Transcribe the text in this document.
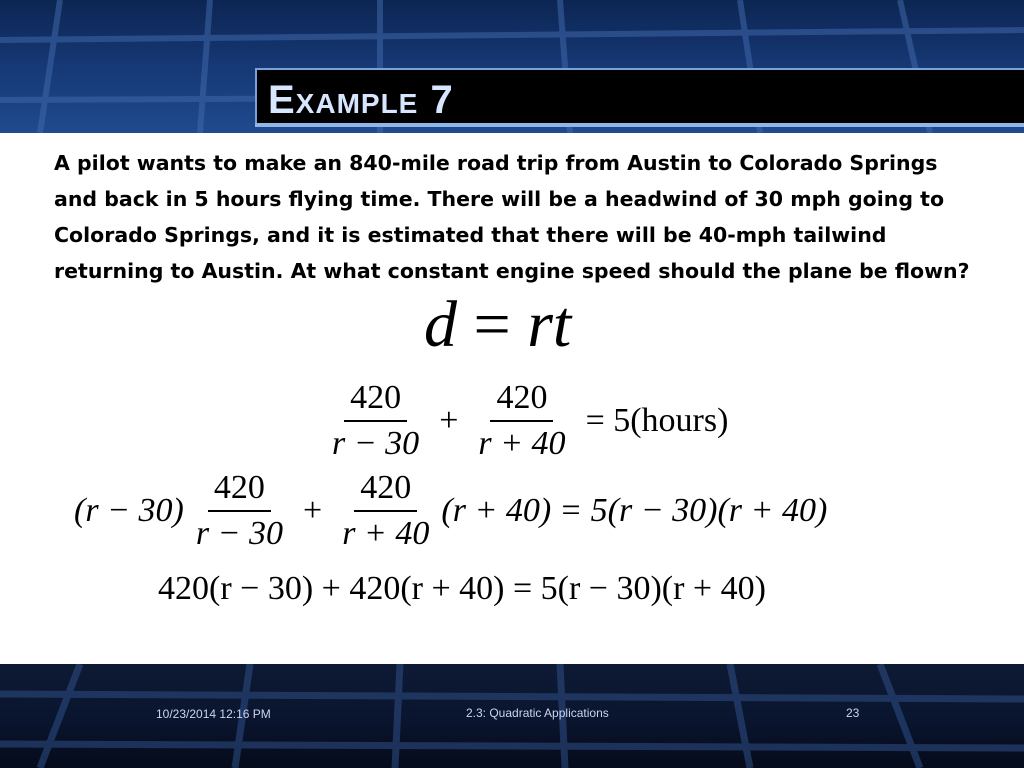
Example 7
A pilot wants to make an 840-mile road trip from Austin to Colorado Springs and back in 5 hours flying time. There will be a headwind of 30 mph going to Colorado Springs, and it is estimated that there will be 40-mph tailwind returning to Austin. At what constant engine speed should the plane be flown?
d = rt
$\frac{420}{r - 30} + \frac{420}{r + 40}$ = 5(hours)
$(r - 30) \frac{420}{r - 30} + \frac{420}{r + 40} (r + 40) = 5(r - 30)(r + 40)$
420(r − 30) + 420(r + 40) = 5(r − 30)(r + 40)
10/23/2014 12:16 PM	2.3: Quadratic Applications	23
